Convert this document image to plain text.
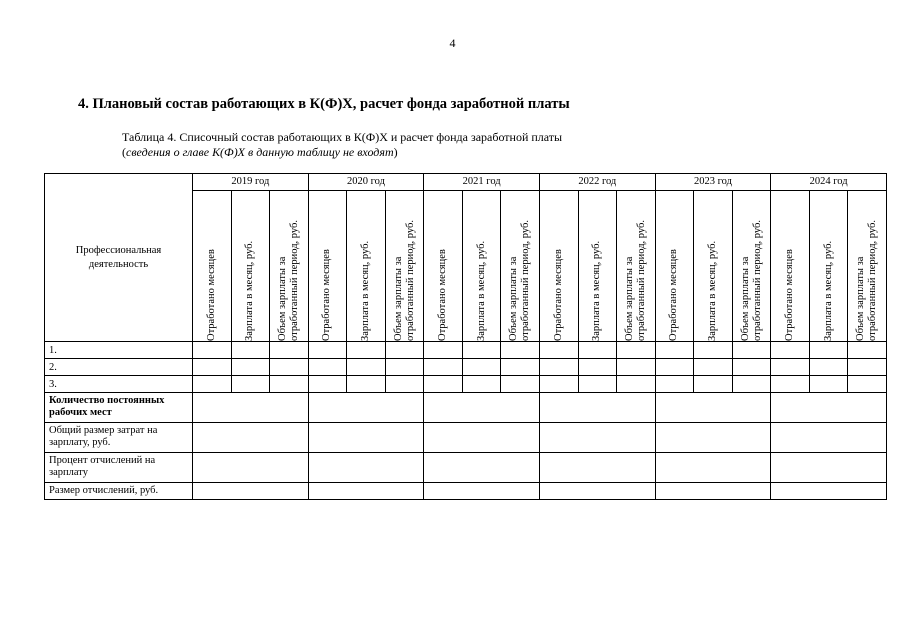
4
4. Плановый состав работающих в К(Ф)Х, расчет фонда заработной платы
Таблица 4. Списочный состав работающих в К(Ф)Х и расчет фонда заработной платы
(сведения о главе К(Ф)Х в данную таблицу не входят)
Профессиональная деятельность	2019 год			2020 год			2021 год			2022 год			2023 год			2024 год		

	Отработано месяцев	Зарплата в месяц, руб.	Объем зарплаты за отработанный период, руб.	Отработано месяцев	Зарплата в месяц, руб.	Объем зарплаты за отработанный период, руб.	Отработано месяцев	Зарплата в месяц, руб.	Объем зарплаты за отработанный период, руб.	Отработано месяцев	Зарплата в месяц, руб.	Объем зарплаты за отработанный период, руб.	Отработано месяцев	Зарплата в месяц, руб.	Объем зарплаты за отработанный период, руб.	Отработано месяцев	Зарплата в месяц, руб.	Объем зарплаты за отработанный период, руб.

1.																		
2.																		
3.																		
Количество постоянных рабочих мест																		
Общий размер затрат на зарплату, руб.																		
Процент отчислений на зарплату																		
Размер отчислений, руб.																		
